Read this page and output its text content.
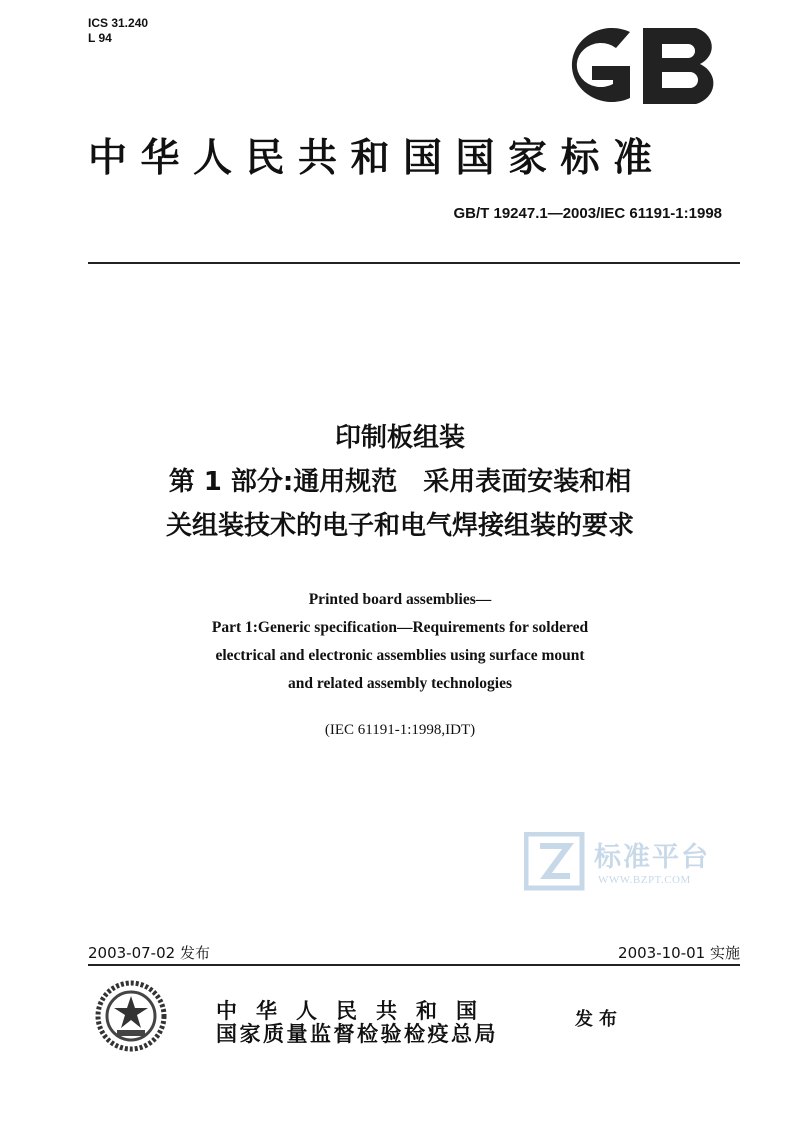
ICS 31.240
L 94
中华人民共和国国家标准
GB/T 19247.1—2003/IEC 61191-1:1998
印制板组装
第 1 部分:通用规范　采用表面安装和相
关组装技术的电子和电气焊接组装的要求
Printed board assemblies—
Part 1:Generic specification—Requirements for soldered
electrical and electronic assemblies using surface mount
and related assembly technologies
(IEC 61191-1:1998,IDT)
标准平台
WWW.BZPT.COM
2003-07-02 发布	2003-10-01 实施
中华人民共和国
国家质量监督检验检疫总局
发布
